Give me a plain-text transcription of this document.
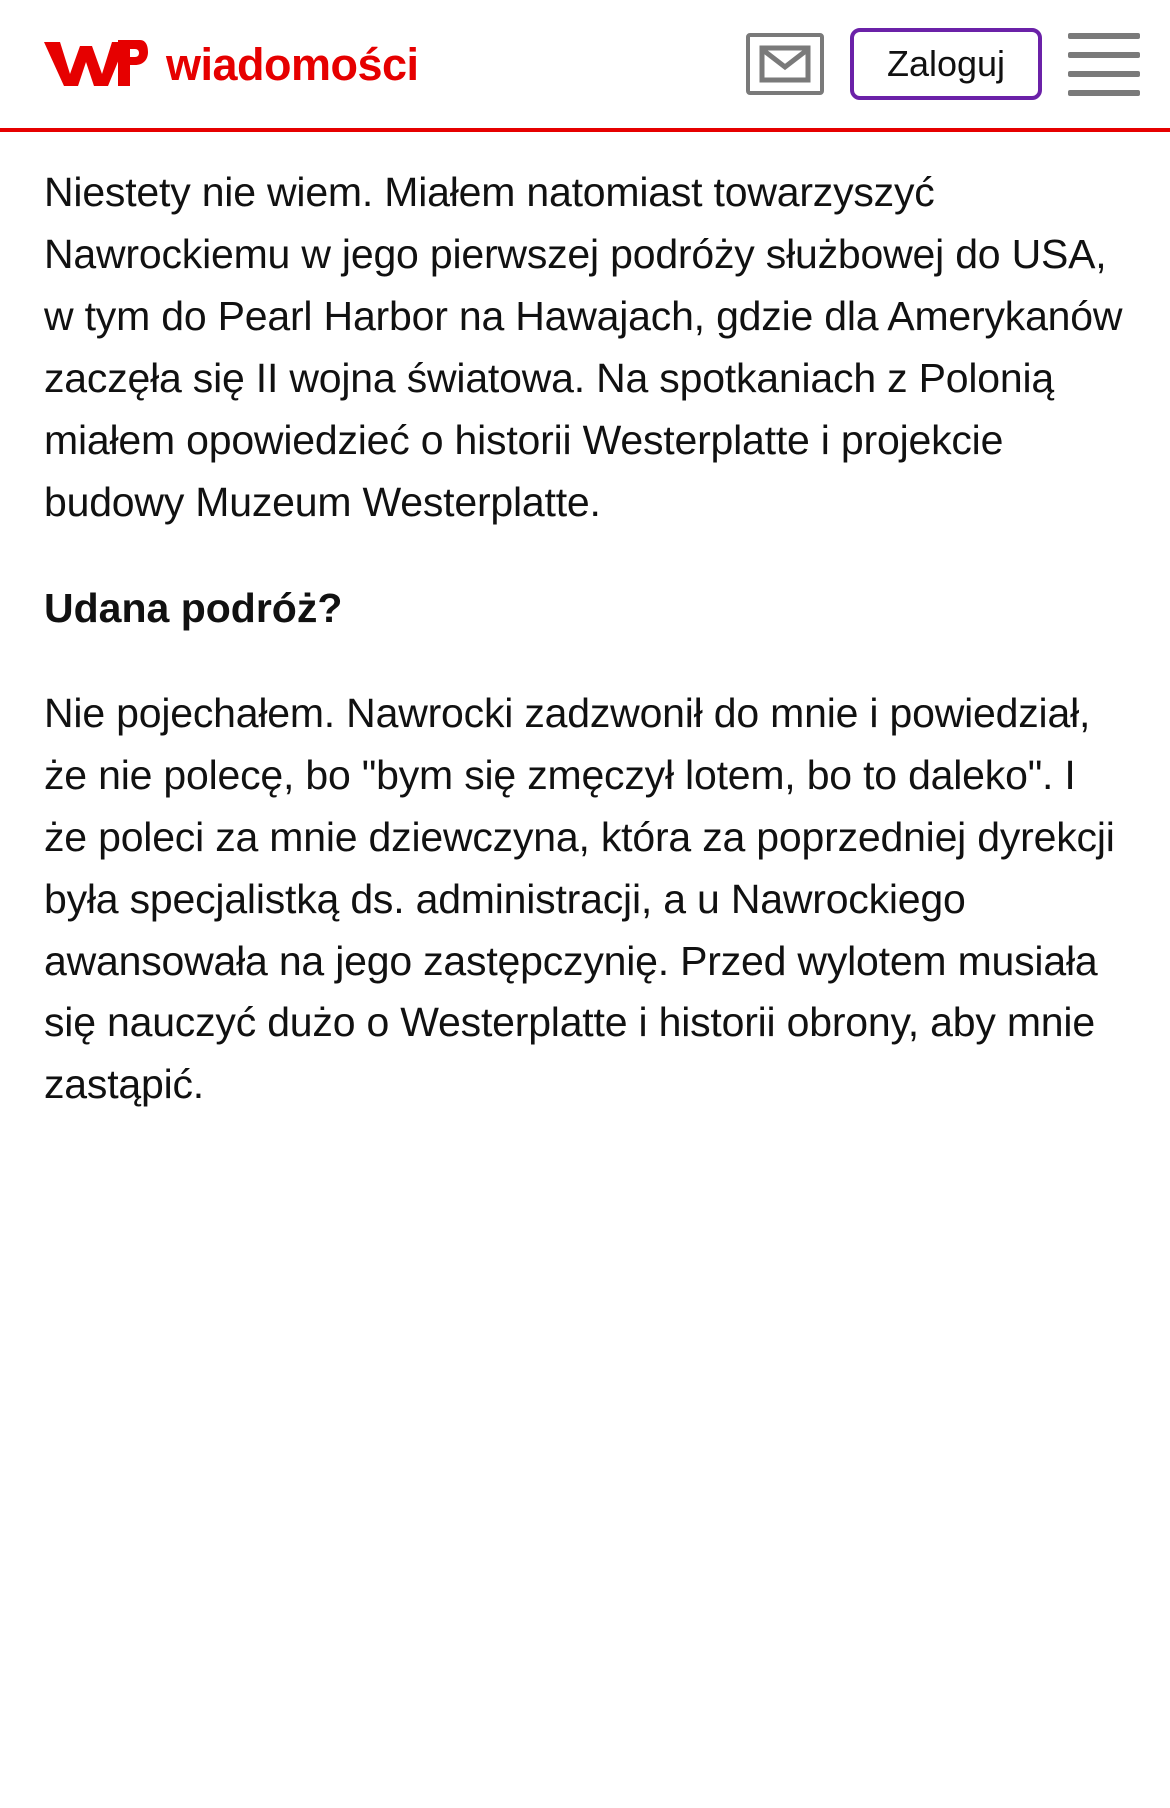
wiadomości	Zaloguj

Niestety nie wiem. Miałem natomiast towarzyszyć Nawrockiemu w jego pierwszej podróży służbowej do USA, w tym do Pearl Harbor na Hawajach, gdzie dla Amerykanów zaczęła się II wojna światowa. Na spotkaniach z Polonią miałem opowiedzieć o historii Westerplatte i projekcie budowy Muzeum Westerplatte.

Udana podróż?

Nie pojechałem. Nawrocki zadzwonił do mnie i powiedział, że nie polecę, bo "bym się zmęczył lotem, bo to daleko". I że poleci za mnie dziewczyna, która za poprzedniej dyrekcji była specjalistką ds. administracji, a u Nawrockiego awansowała na jego zastępczynię. Przed wylotem musiała się nauczyć dużo o Westerplatte i historii obrony, aby mnie zastąpić.
